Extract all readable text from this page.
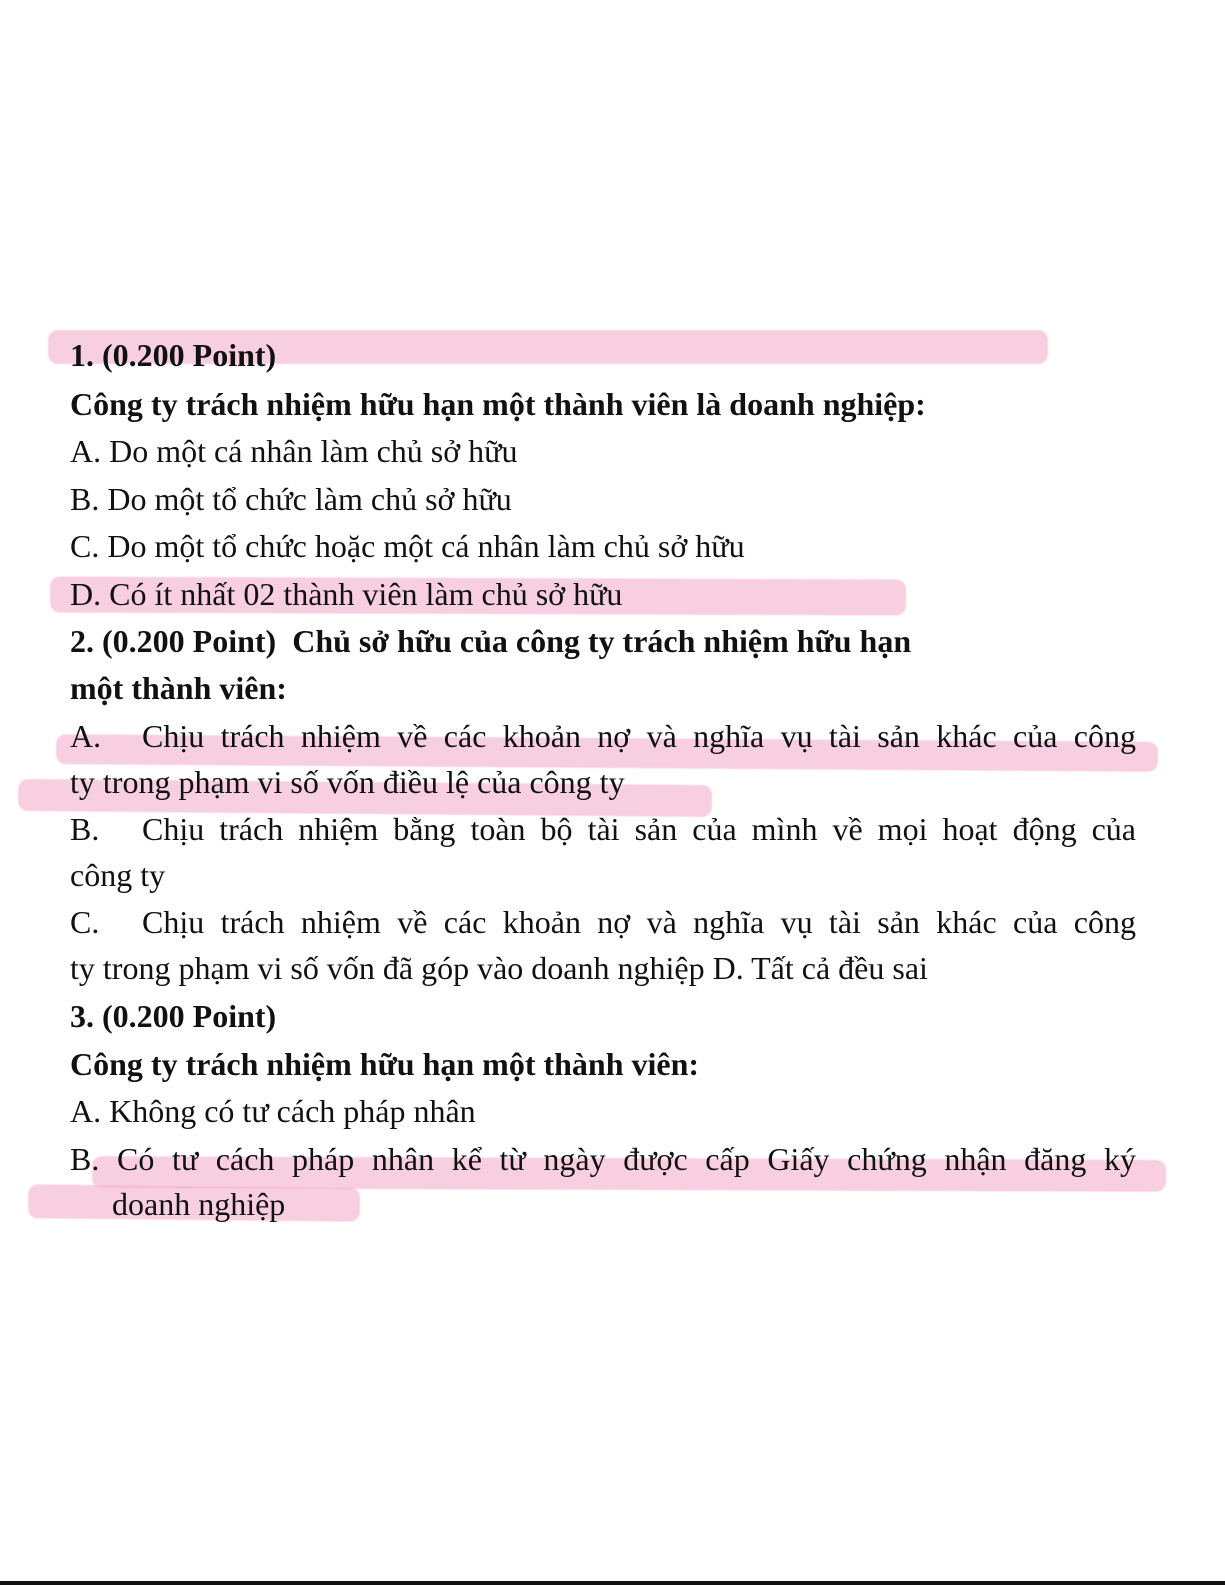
1. (0.200 Point)
Công ty trách nhiệm hữu hạn một thành viên là doanh nghiệp:
A. Do một cá nhân làm chủ sở hữu
B. Do một tổ chức làm chủ sở hữu
C. Do một tổ chức hoặc một cá nhân làm chủ sở hữu
D. Có ít nhất 02 thành viên làm chủ sở hữu
2. (0.200 Point) Chủ sở hữu của công ty trách nhiệm hữu hạn
một thành viên:
A. Chịu trách nhiệm về các khoản nợ và nghĩa vụ tài sản khác của công
ty trong phạm vi số vốn điều lệ của công ty
B. Chịu trách nhiệm bằng toàn bộ tài sản của mình về mọi hoạt động của
công ty
C. Chịu trách nhiệm về các khoản nợ và nghĩa vụ tài sản khác của công
ty trong phạm vi số vốn đã góp vào doanh nghiệp D. Tất cả đều sai
3. (0.200 Point)
Công ty trách nhiệm hữu hạn một thành viên:
A. Không có tư cách pháp nhân
B. Có tư cách pháp nhân kể từ ngày được cấp Giấy chứng nhận đăng ký
doanh nghiệp
